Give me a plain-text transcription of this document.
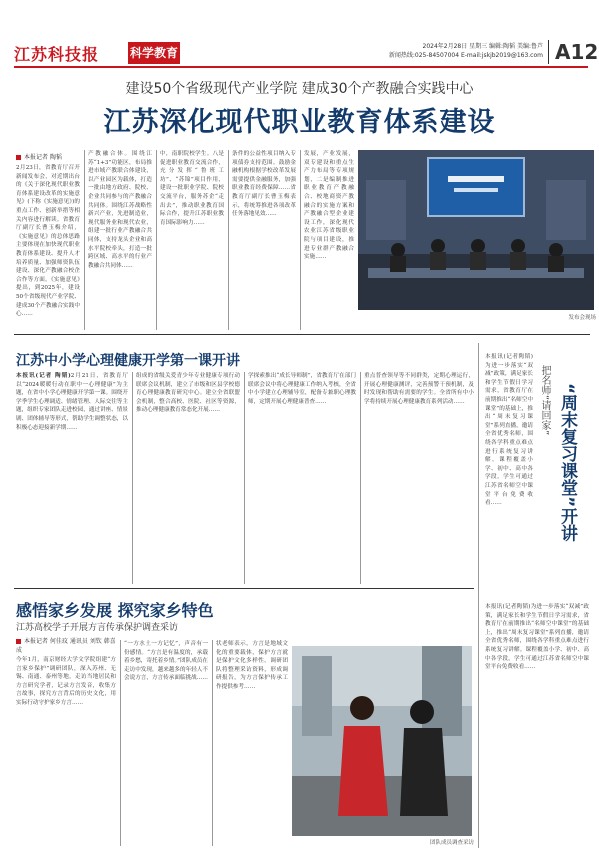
江苏科技报	科学教育	2024年2月28日 星期三 编辑:陶韬 美编:鲁芦
新闻热线:025-84507004 E-mail:jskjb2019@163.com A12
建设50个省级现代产业学院 建成30个产教融合实践中心
江苏深化现代职业教育体系建设
本报记者 陶韬
2月23日，省教育厅召开新闻发布会，对近期出台的《关于深化现代职业教育体系建设改革的实施意见》(下称《实施意见》)的重点工作、创新举措等相关内容进行解读。省教育厅副厅长曹玉梅介绍，《实施意见》的总体思路主要体现在加快现代职业教育体系建设、提升人才培养质量、加强师资队伍建设、深化产教融合校企合作等方面。《实施意见》提出，到2025年，建设50个省级现代产业学院、建成30个产教融合实践中心……
产教融合体。围绕江苏“1+3”功能区，布局推进市域产教联合体建设，以产业园区为载体，打造一批由地方政府、院校、企业共同参与的产教融合共同体。围绕江苏战略性新兴产业，先进制造业，现代服务业和现代农业，组建一批行业产教融合共同体，支持龙头企业和高水平院校牵头，打造一批跨区域、高水平的行业产教融合共同体……
中，南职院校学生。八是促进职业教育交流合作，充分发挥“鲁班工坊”、“苏锦”项目作用，建设一批职业学院、院校交流平台，服务苏企“走出去”，推动职业教育国际合作，提升江苏职业教育国际影响力……
条件的公益性项目纳入专项债券支持范围。鼓励金融机构根据学校改革发展需要提供金融服务，加强职业教育经费保障……省教育厅副厅长曹玉梅表示，将统筹推进各项改革任务落地见效……
发展，产业发展，双专建设和重点生产力布局等专项规划，二是编制推进职业教育产教融合、校地商资产教融合的实施方案和产教融合型企业建设工作，深化现代农业江苏省级职业院与项目建设，推进专业群产教融合实施……
发布会现场
江苏中小学心理健康开学第一课开讲
本报讯(记者 陶韬)2月21日，省教育厅以“2024暖暖行动在职中一心理健康”为主题，在省中小学心理健康开学第一课。围绕开学季学生心理调适、情绪管理、人际交往等主题，组织专家团队走进校园，通过讲座、情景剧、团体辅导等形式，帮助学生调整状态，以积极心态迎接新学期……
组成的省级关爱青少年专业健康专项行动联席会议机制，建立了市级和区县学校德育心理健康教育研究中心。建立全省联盟会机制，整合高校、医院、社区等资源，推动心理健康教育常态化开展……
学探索推出“成长导师制”，省教育厅在部门联席会议中将心理健康工作纳入考核，全省中小学建立心理辅导室，配备专兼职心理教师，定期开展心理健康普查……
重点普查领导等不同群类，定期心理运行，开展心理健康测评，完善预警干预机制，及时发现和帮助有需要的学生。全省所有中小学将持续开展心理健康教育系列活动……	把名师“请回家” “周末复习课堂”开讲
本报讯(记者陶韬)为进一步落实“双减”政策，满足家长和学生节假日学习需求，省教育厅在前期推出“名师空中课堂”的基础上，推出“周末复习课堂”系列直播，邀请全省优秀名师，围绕各学科重点难点进行系统复习讲解。课程覆盖小学、初中、高中各学段，学生可通过江苏省名师空中课堂平台免费收看……
本报讯(记者陶韬)为进一步落实“双减”政策，满足家长和学生节假日学习需求，省教育厅在前期推出“名师空中课堂”的基础上，推出“周末复习课堂”系列直播，邀请全省优秀名师，围绕各学科重点难点进行系统复习讲解。课程覆盖小学、初中、高中各学段，学生可通过江苏省名师空中课堂平台免费收看……
感悟家乡发展 探究家乡特色
江苏高校学子开展方言传承保护调查采访
本报记者 何佳玟 通讯员 刘钦 韩喜成
今年1月，南京财经大学文学院组建“方言家乡保护”调研团队，深入苏州、无锡、南通、泰州等地，走访当地居民和方言研究学者，记录方言发音，收集方言故事，探究方言背后的历史文化，用实际行动守护家乡方言……
“一方水土一方记忆”，声音有一份感情。“方言是有温度的，承载着乡愁，寄托着乡情。”团队成员在走访中发现，越来越多的年轻人不会说方言，方言传承面临挑战……
状老师表示，方言是地域文化的重要载体，保护方言就是保护文化多样性。调研团队将整理采访资料，形成调研报告，为方言保护传承工作提供参考……
团队成员调查采访
